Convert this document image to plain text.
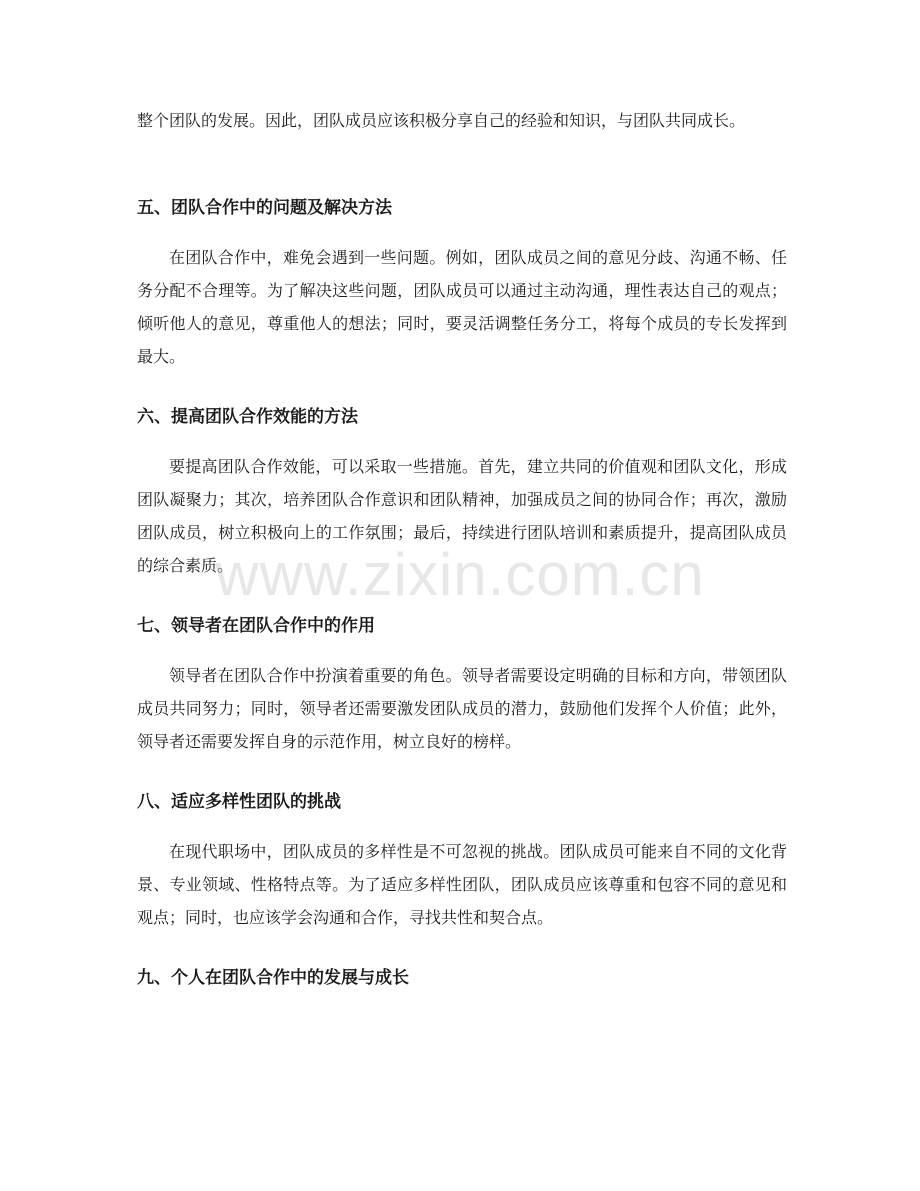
整个团队的发展。因此，团队成员应该积极分享自己的经验和知识，与团队共同成长。

五、团队合作中的问题及解决方法

在团队合作中，难免会遇到一些问题。例如，团队成员之间的意见分歧、沟通不畅、任务分配不合理等。为了解决这些问题，团队成员可以通过主动沟通，理性表达自己的观点；倾听他人的意见，尊重他人的想法；同时，要灵活调整任务分工，将每个成员的专长发挥到最大。

六、提高团队合作效能的方法

要提高团队合作效能，可以采取一些措施。首先，建立共同的价值观和团队文化，形成团队凝聚力；其次，培养团队合作意识和团队精神，加强成员之间的协同合作；再次，激励团队成员，树立积极向上的工作氛围；最后，持续进行团队培训和素质提升，提高团队成员的综合素质。

七、领导者在团队合作中的作用

领导者在团队合作中扮演着重要的角色。领导者需要设定明确的目标和方向，带领团队成员共同努力；同时，领导者还需要激发团队成员的潜力，鼓励他们发挥个人价值；此外，领导者还需要发挥自身的示范作用，树立良好的榜样。

八、适应多样性团队的挑战

在现代职场中，团队成员的多样性是不可忽视的挑战。团队成员可能来自不同的文化背景、专业领域、性格特点等。为了适应多样性团队，团队成员应该尊重和包容不同的意见和观点；同时，也应该学会沟通和合作，寻找共性和契合点。

九、个人在团队合作中的发展与成长
www.zixin.com.cn
